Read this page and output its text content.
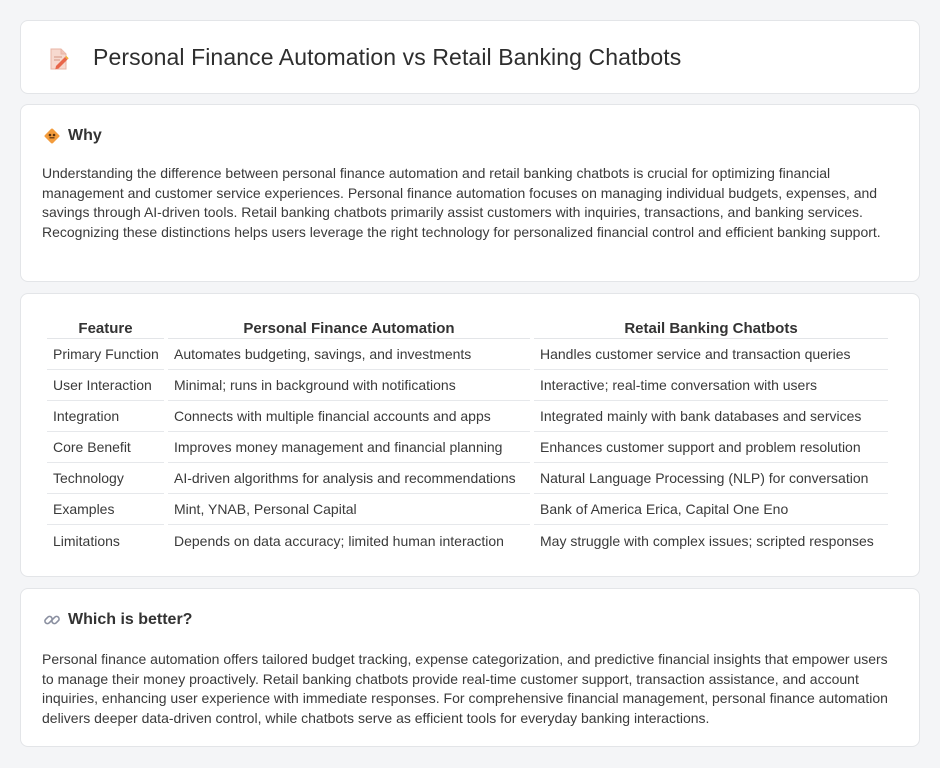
Personal Finance Automation vs Retail Banking Chatbots
Why

Understanding the difference between personal finance automation and retail banking chatbots is crucial for optimizing financial management and customer service experiences. Personal finance automation focuses on managing individual budgets, expenses, and savings through AI-driven tools. Retail banking chatbots primarily assist customers with inquiries, transactions, and banking services. Recognizing these distinctions helps users leverage the right technology for personalized financial control and efficient banking support.

Feature	Personal Finance Automation	Retail Banking Chatbots
Primary Function	Automates budgeting, savings, and investments	Handles customer service and transaction queries
User Interaction	Minimal; runs in background with notifications	Interactive; real-time conversation with users
Integration	Connects with multiple financial accounts and apps	Integrated mainly with bank databases and services
Core Benefit	Improves money management and financial planning	Enhances customer support and problem resolution
Technology	AI-driven algorithms for analysis and recommendations	Natural Language Processing (NLP) for conversation
Examples	Mint, YNAB, Personal Capital	Bank of America Erica, Capital One Eno
Limitations	Depends on data accuracy; limited human interaction	May struggle with complex issues; scripted responses
Which is better?

Personal finance automation offers tailored budget tracking, expense categorization, and predictive financial insights that empower users to manage their money proactively. Retail banking chatbots provide real-time customer support, transaction assistance, and account inquiries, enhancing user experience with immediate responses. For comprehensive financial management, personal finance automation delivers deeper data-driven control, while chatbots serve as efficient tools for everyday banking interactions.
